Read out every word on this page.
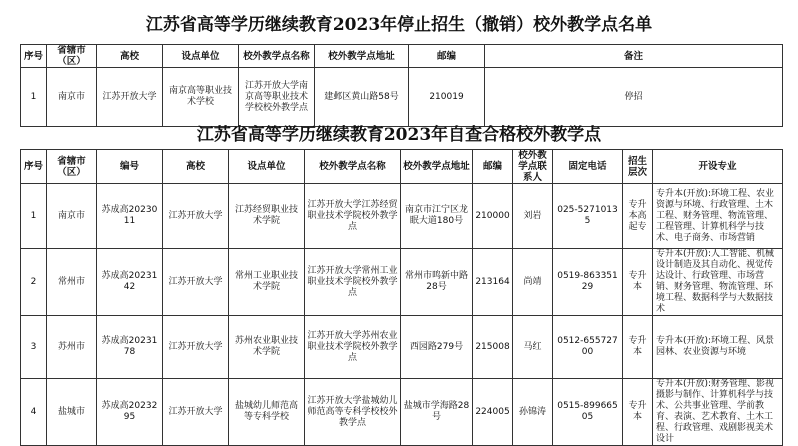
江苏省高等学历继续教育2023年停止招生（撤销）校外教学点名单
序号	省辖市（区）	高校	设点单位	校外教学点名称	校外教学点地址	邮编	备注
1	南京市	江苏开放大学	南京高等职业技术学校	江苏开放大学南京高等职业技术学校校外教学点	建邺区黄山路58号	210019	停招
江苏省高等学历继续教育2023年自查合格校外教学点
序号	省辖市（区）	编号	高校	设点单位	校外教学点名称	校外教学点地址	邮编	校外教学点联系人	固定电话	招生层次	开设专业
1	南京市	苏成高2023011	江苏开放大学	江苏经贸职业技术学院	江苏开放大学江苏经贸职业技术学院校外教学点	南京市江宁区龙眠大道180号	210000	刘岩	025-52710135	专升本高起专	专升本(开放):环境工程、农业资源与环境、行政管理、土木工程、财务管理、物流管理、工程管理、计算机科学与技术、电子商务、市场营销
2	常州市	苏成高2023142	江苏开放大学	常州工业职业技术学院	江苏开放大学常州工业职业技术学院校外教学点	常州市鸣新中路28号	213164	尚靖	0519-86335129	专升本	专升本(开放):人工智能、机械设计制造及其自动化、视觉传达设计、行政管理、市场营销、财务管理、物流管理、环境工程、数据科学与大数据技术
3	苏州市	苏成高2023178	江苏开放大学	苏州农业职业技术学院	江苏开放大学苏州农业职业技术学院校外教学点	西园路279号	215008	马红	0512-65572700	专升本	专升本(开放):环境工程、风景园林、农业资源与环境
4	盐城市	苏成高2023295	江苏开放大学	盐城幼儿师范高等专科学校	江苏开放大学盐城幼儿师范高等专科学校校外教学点	盐城市学海路28号	224005	孙锦涛	0515-89966505	专升本	专升本(开放):财务管理、影视摄影与制作、计算机科学与技术、公共事业管理、学前教育、表演、艺术教育、土木工程、行政管理、戏剧影视美术设计
